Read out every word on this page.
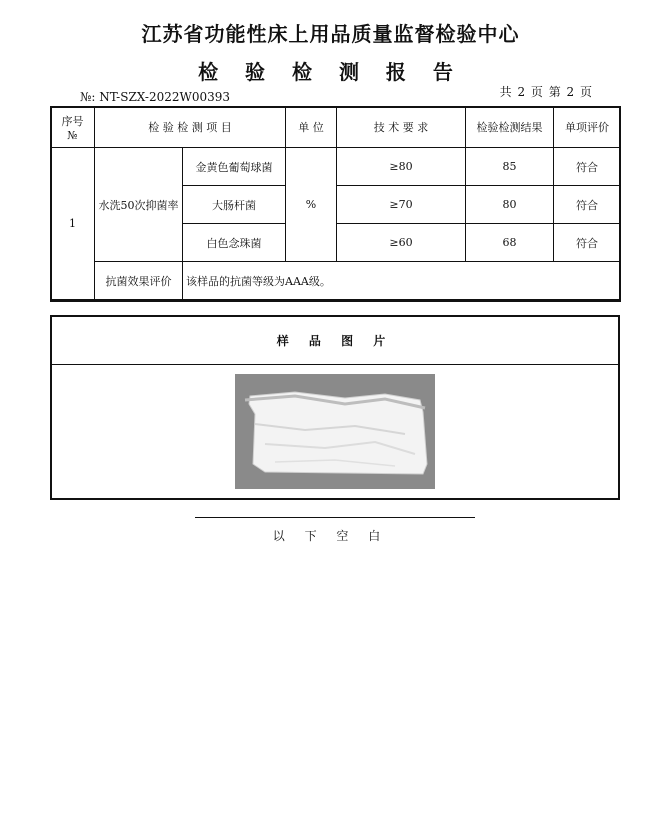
江苏省功能性床上用品质量监督检验中心
检 验 检 测 报 告
№: NT-SZX-2022W00393	共 2 页 第 2 页
序号
№	检 验 检 测 项 目		单 位	技 术 要 求	检验检测结果	单项评价
1	水洗50次抑菌率	金黄色葡萄球菌	%	≥80	85	符合
		大肠杆菌		≥70	80	符合
		白色念珠菌		≥60	68	符合
	抗菌效果评价	该样品的抗菌等级为AAA级。				
样 品 图 片
以 下 空 白
